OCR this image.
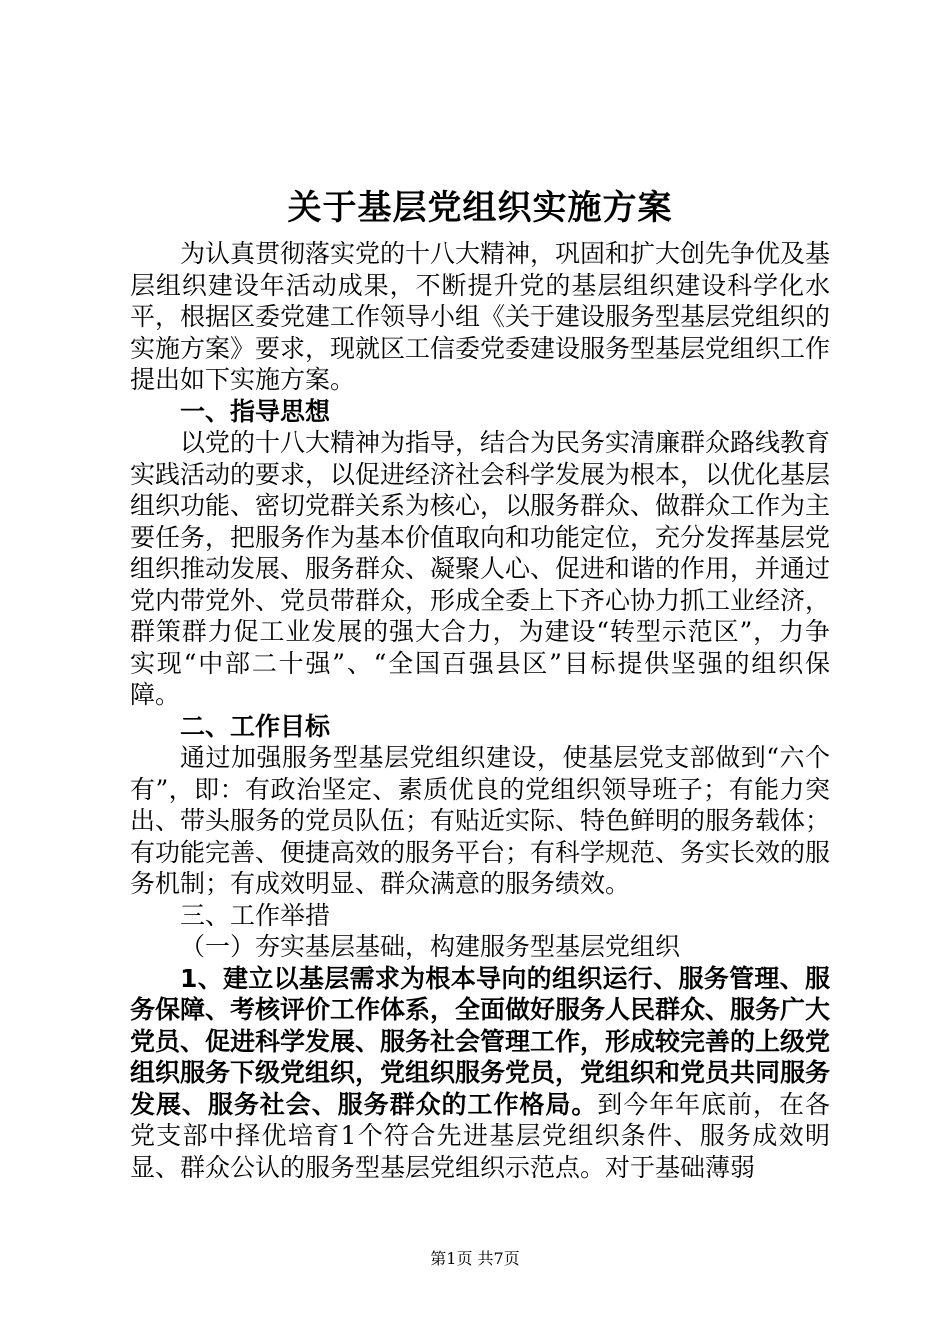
关于基层党组织实施方案

为认真贯彻落实党的十八大精神，巩固和扩大创先争优及基层组织建设年活动成果，不断提升党的基层组织建设科学化水平，根据区委党建工作领导小组《关于建设服务型基层党组织的实施方案》要求，现就区工信委党委建设服务型基层党组织工作提出如下实施方案。

一、指导思想

以党的十八大精神为指导，结合为民务实清廉群众路线教育实践活动的要求，以促进经济社会科学发展为根本，以优化基层组织功能、密切党群关系为核心，以服务群众、做群众工作为主要任务，把服务作为基本价值取向和功能定位，充分发挥基层党组织推动发展、服务群众、凝聚人心、促进和谐的作用，并通过党内带党外、党员带群众，形成全委上下齐心协力抓工业经济，群策群力促工业发展的强大合力，为建设“转型示范区”，力争实现“中部二十强”、“全国百强县区”目标提供坚强的组织保障。

二、工作目标

通过加强服务型基层党组织建设，使基层党支部做到“六个有”，即：有政治坚定、素质优良的党组织领导班子；有能力突出、带头服务的党员队伍；有贴近实际、特色鲜明的服务载体；有功能完善、便捷高效的服务平台；有科学规范、务实长效的服务机制；有成效明显、群众满意的服务绩效。

三、工作举措

（一）夯实基层基础，构建服务型基层党组织

1、建立以基层需求为根本导向的组织运行、服务管理、服务保障、考核评价工作体系，全面做好服务人民群众、服务广大党员、促进科学发展、服务社会管理工作，形成较完善的上级党组织服务下级党组织，党组织服务党员，党组织和党员共同服务发展、服务社会、服务群众的工作格局。到今年年底前，在各党支部中择优培育1个符合先进基层党组织条件、服务成效明显、群众公认的服务型基层党组织示范点。对于基础薄弱

第1页 共7页
